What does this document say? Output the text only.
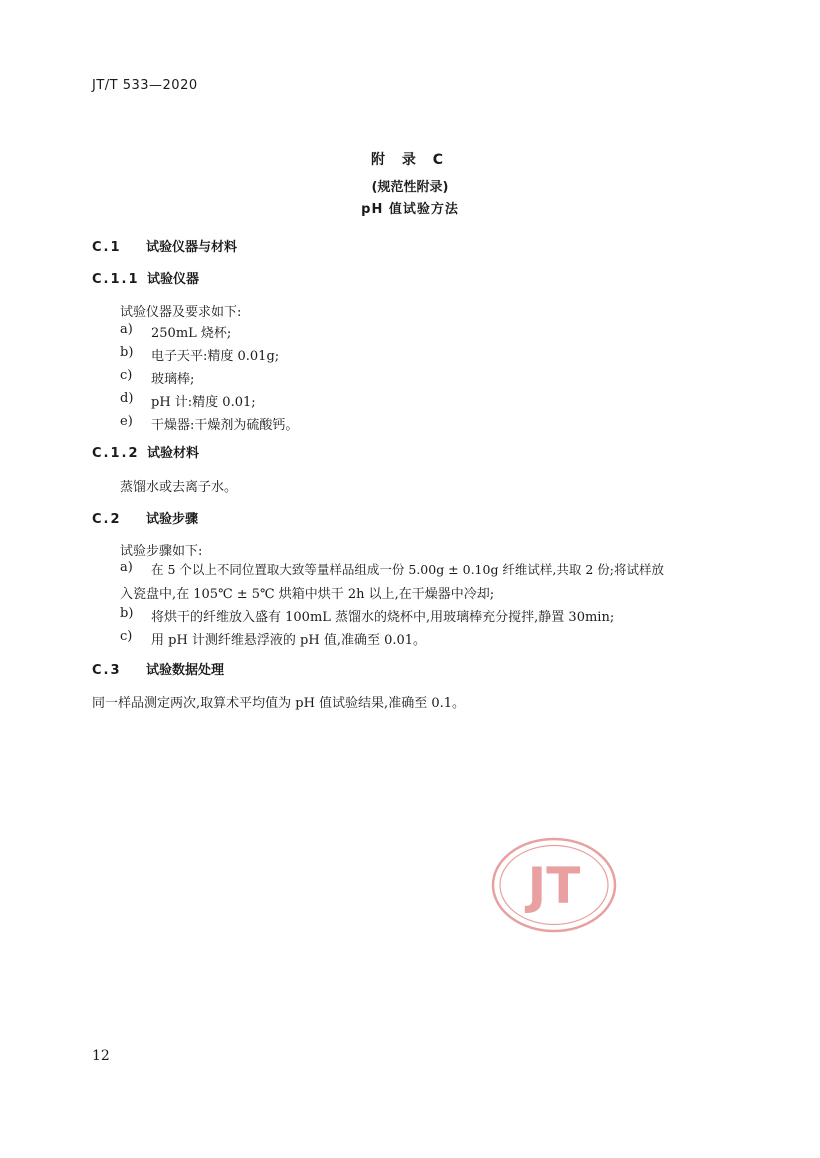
JT/T 533—2020
附 录 C
(规范性附录)
pH 值试验方法
C.1 试验仪器与材料
C.1.1 试验仪器
试验仪器及要求如下:
a) 250mL 烧杯;
b) 电子天平:精度 0.01g;
c) 玻璃棒;
d) pH 计:精度 0.01;
e) 干燥器:干燥剂为硫酸钙。
C.1.2 试验材料
蒸馏水或去离子水。
C.2 试验步骤
试验步骤如下:
a) 在 5 个以上不同位置取大致等量样品组成一份 5.00g ± 0.10g 纤维试样,共取 2 份;将试样放
入瓷盘中,在 105℃ ± 5℃ 烘箱中烘干 2h 以上,在干燥器中冷却;
b) 将烘干的纤维放入盛有 100mL 蒸馏水的烧杯中,用玻璃棒充分搅拌,静置 30min;
c) 用 pH 计测纤维悬浮液的 pH 值,准确至 0.01。
C.3 试验数据处理
同一样品测定两次,取算术平均值为 pH 值试验结果,准确至 0.1。
JT
12
